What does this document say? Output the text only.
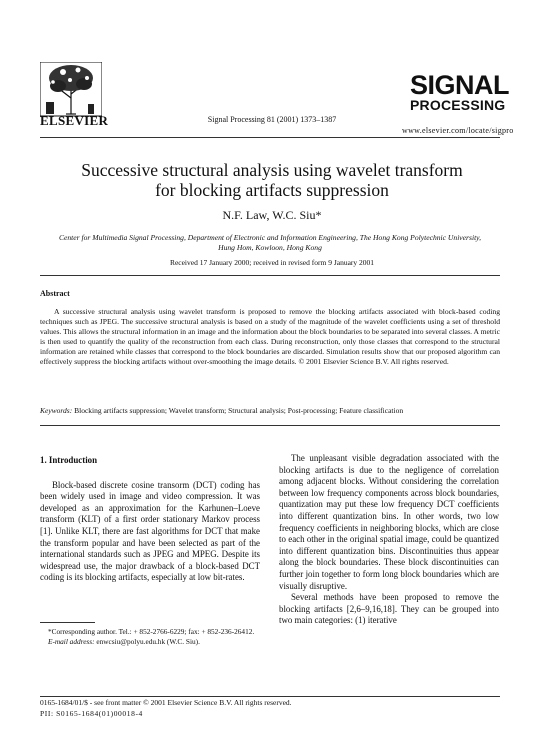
ELSEVIER	Signal Processing 81 (2001) 1373–1387
SIGNAL
PROCESSING
www.elsevier.com/locate/sigpro
Successive structural analysis using wavelet transform
for blocking artifacts suppression
N.F. Law, W.C. Siu*
Center for Multimedia Signal Processing, Department of Electronic and Information Engineering, The Hong Kong Polytechnic University,
Hung Hom, Kowloon, Hong Kong
Received 17 January 2000; received in revised form 9 January 2001
Abstract
A successive structural analysis using wavelet transform is proposed to remove the blocking artifacts associated with block-based coding techniques such as JPEG. The successive structural analysis is based on a study of the magnitude of the wavelet coefficients using a set of threshold values. This allows the structural information in an image and the information about the block boundaries to be separated into several classes. A metric is then used to quantify the quality of the reconstruction from each class. During reconstruction, only those classes that correspond to the structural information are retained while classes that correspond to the block boundaries are discarded. Simulation results show that our proposed algorithm can effectively suppress the blocking artifacts without over-smoothing the image details. © 2001 Elsevier Science B.V. All rights reserved.
Keywords: Blocking artifacts suppression; Wavelet transform; Structural analysis; Post-processing; Feature classification
1. Introduction

Block-based discrete cosine transorm (DCT) coding has been widely used in image and video compression. It was developed as an approximation for the Karhunen–Loeve transform (KLT) of a first order stationary Markov process [1]. Unlike KLT, there are fast algorithms for DCT that make the transform popular and have been selected as part of the international standards such as JPEG and MPEG. Despite its widespread use, the major drawback of a block-based DCT coding is its blocking artifacts, especially at low bit-rates.

The unpleasant visible degradation associated with the blocking artifacts is due to the negligence of correlation among adjacent blocks. Without considering the correlation between low frequency components across block boundaries, quantization may put these low frequency DCT coefficients into different quantization bins. In other words, two low frequency coefficients in neighboring blocks, which are close to each other in the original spatial image, could be quantized into different quantization bins. Discontinuities thus appear along the block boundaries. These block discontinuities can further join together to form long block boundaries which are visually disruptive.

Several methods have been proposed to remove the blocking artifacts [2,6–9,16,18]. They can be grouped into two main categories: (1) iterative

*Corresponding author. Tel.: + 852-2766-6229; fax: + 852-236-26412.
E-mail address: enwcsiu@polyu.edu.hk (W.C. Siu).
0165-1684/01/$ - see front matter © 2001 Elsevier Science B.V. All rights reserved.
PII: S0165-1684(01)00018-4
